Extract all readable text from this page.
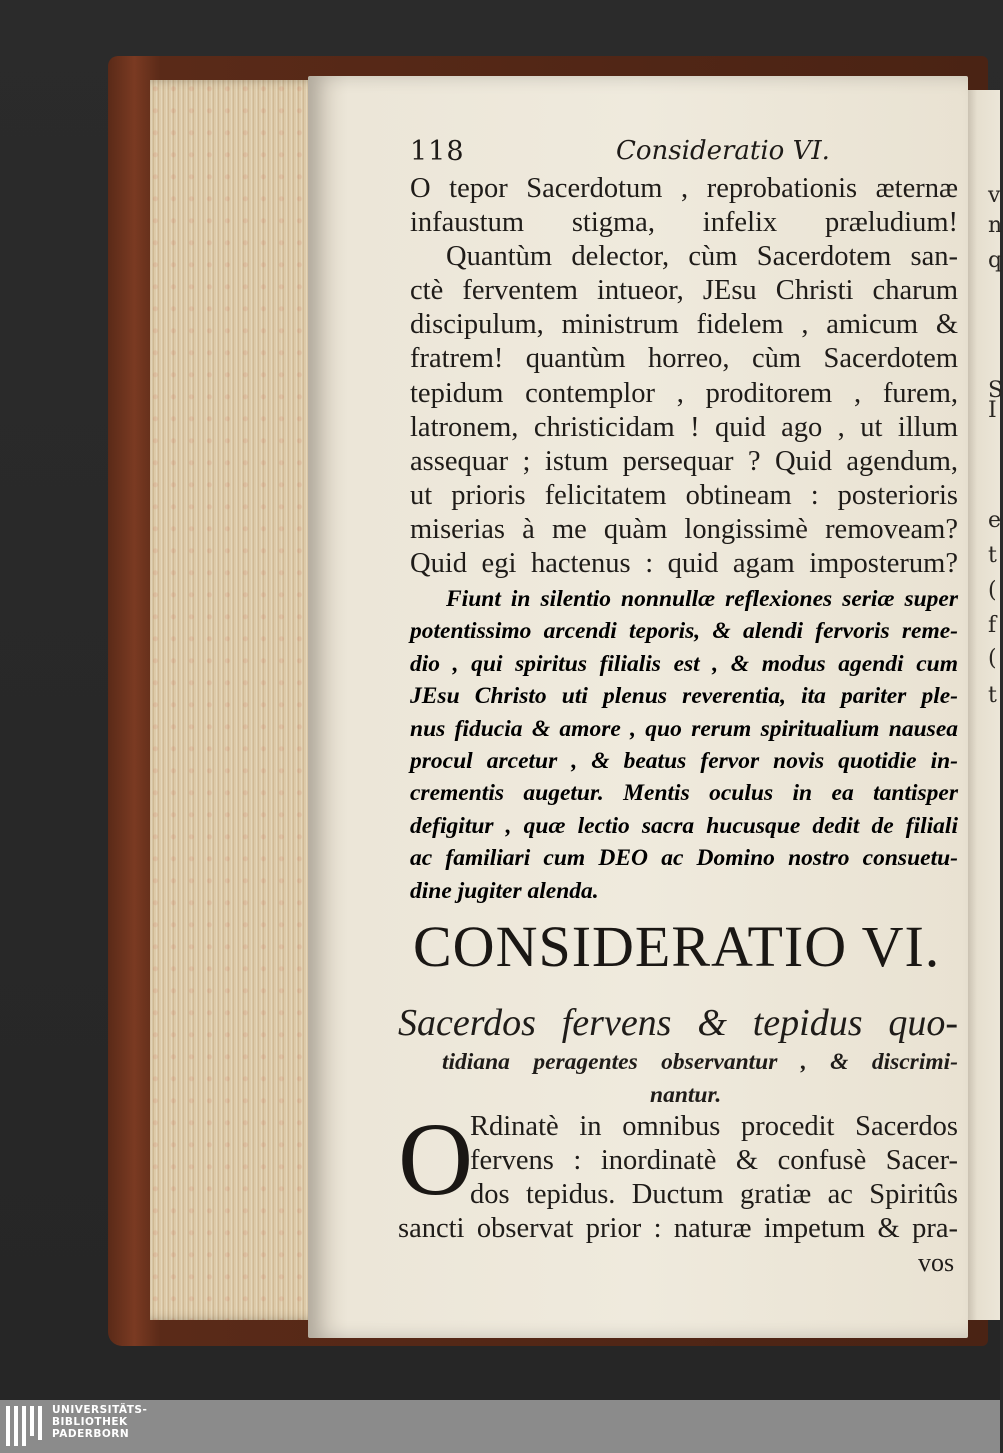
v
n
q
S
I
e
t
(
f
(
t
118	Consideratio VI.
O tepor Sacerdotum , reprobationis æternæ
infaustum stigma, infelix præludium!
Quantùm delector, cùm Sacerdotem san-
ctè ferventem intueor, JEsu Christi charum
discipulum, ministrum fidelem , amicum &
fratrem! quantùm horreo, cùm Sacerdotem
tepidum contemplor , proditorem , furem,
latronem, christicidam ! quid ago , ut illum
assequar ; istum persequar ? Quid agendum,
ut prioris felicitatem obtineam : posterioris
miserias à me quàm longissimè removeam?
Quid egi hactenus : quid agam imposterum?
Fiunt in silentio nonnullæ reflexiones seriæ super
potentissimo arcendi teporis, & alendi fervoris reme-
dio , qui spiritus filialis est , & modus agendi cum
JEsu Christo uti plenus reverentia, ita pariter ple-
nus fiducia & amore , quo rerum spiritualium nausea
procul arcetur , & beatus fervor novis quotidie in-
crementis augetur. Mentis oculus in ea tantisper
defigitur , quæ lectio sacra hucusque dedit de filiali
ac familiari cum DEO ac Domino nostro consuetu-
dine jugiter alenda.
CONSIDERATIO VI.
Sacerdos fervens & tepidus quo-
tidiana peragentes observantur , & discrimi-
nantur.
O
Rdinatè in omnibus procedit Sacerdos
fervens : inordinatè & confusè Sacer-
dos tepidus. Ductum gratiæ ac Spiritûs
sancti observat prior : naturæ impetum & pra-
vos
UNIVERSITÄTS-
BIBLIOTHEK
PADERBORN
